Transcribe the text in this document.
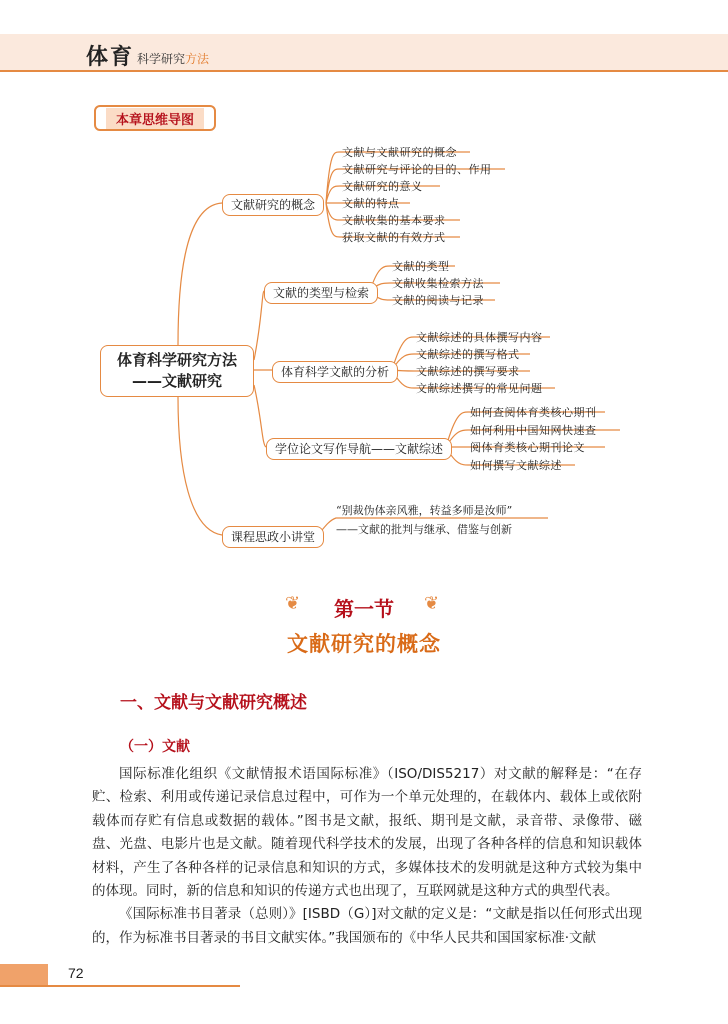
体育 科学研究方法
本章思维导图
体育科学研究方法
——文献研究
文献研究的概念
文献的类型与检索
体育科学文献的分析
学位论文写作导航——文献综述
课程思政小讲堂
文献与文献研究的概念
文献研究与评论的目的、作用
文献研究的意义
文献的特点
文献收集的基本要求
获取文献的有效方式
文献的类型
文献收集检索方法
文献的阅读与记录
文献综述的具体撰写内容
文献综述的撰写格式
文献综述的撰写要求
文献综述撰写的常见问题
如何查阅体育类核心期刊
如何利用中国知网快速查
阅体育类核心期刊论文
如何撰写文献综述
“别裁伪体亲风雅，转益多师是汝师”
——文献的批判与继承、借鉴与创新
❦	第一节	❦
文献研究的概念
一、文献与文献研究概述
（一）文献

国际标准化组织《文献情报术语国际标准》（ISO/DIS5217）对文献的解释是：“在存贮、检索、利用或传递记录信息过程中，可作为一个单元处理的，在载体内、载体上或依附载体而存贮有信息或数据的载体。”图书是文献，报纸、期刊是文献，录音带、录像带、磁盘、光盘、电影片也是文献。随着现代科学技术的发展，出现了各种各样的信息和知识载体材料，产生了各种各样的记录信息和知识的方式，多媒体技术的发明就是这种方式较为集中的体现。同时，新的信息和知识的传递方式也出现了，互联网就是这种方式的典型代表。

《国际标准书目著录（总则）》[ISBD（G）]对文献的定义是：“文献是指以任何形式出现的，作为标准书目著录的书目文献实体。”我国颁布的《中华人民共和国国家标准·文献

72
